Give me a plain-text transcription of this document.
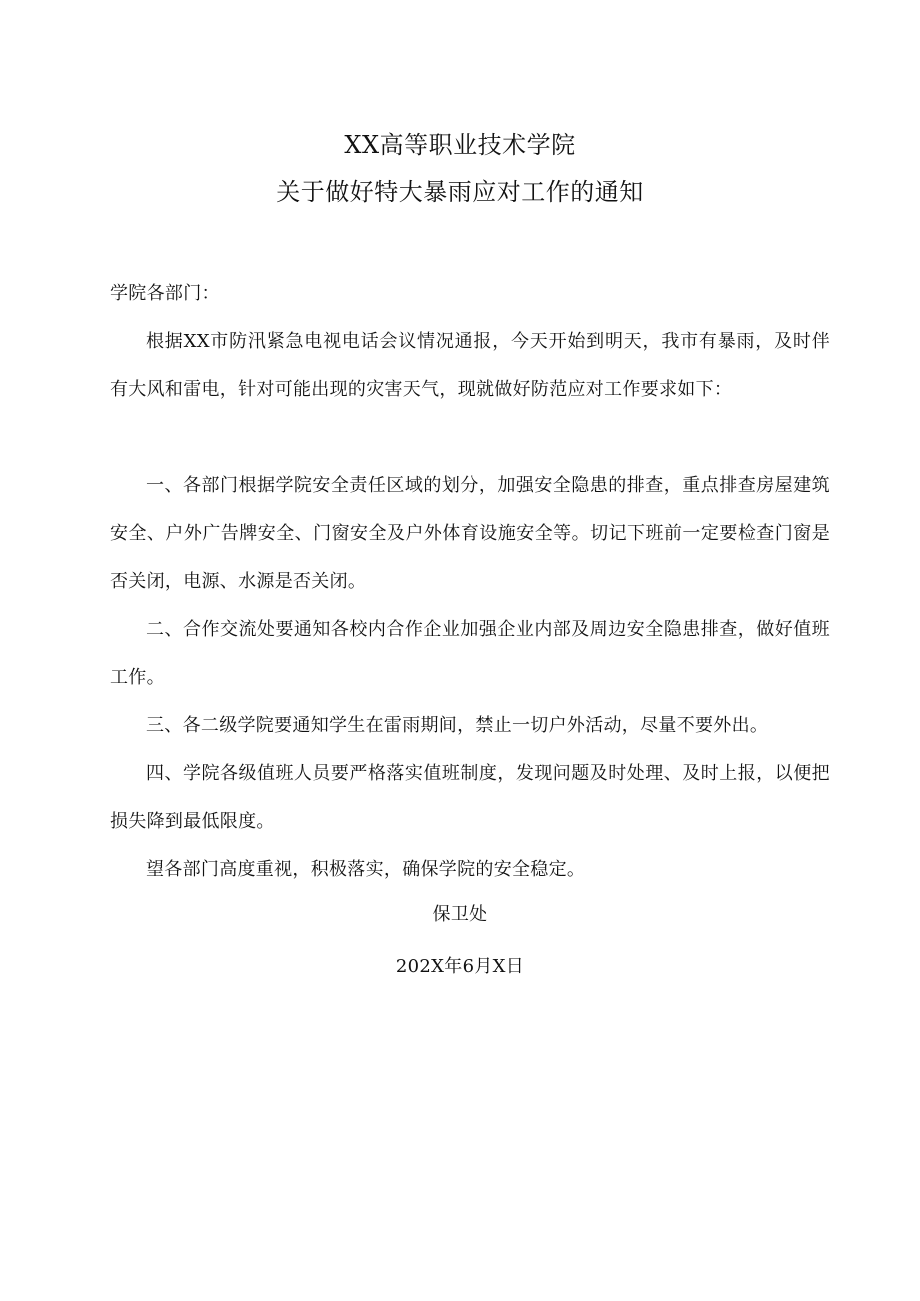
XX高等职业技术学院
关于做好特大暴雨应对工作的通知
学院各部门：

根据XX市防汛紧急电视电话会议情况通报，今天开始到明天，我市有暴雨，及时伴有大风和雷电，针对可能出现的灾害天气，现就做好防范应对工作要求如下：

一、各部门根据学院安全责任区域的划分，加强安全隐患的排查，重点排查房屋建筑安全、户外广告牌安全、门窗安全及户外体育设施安全等。切记下班前一定要检查门窗是否关闭，电源、水源是否关闭。

二、合作交流处要通知各校内合作企业加强企业内部及周边安全隐患排查，做好值班工作。

三、各二级学院要通知学生在雷雨期间，禁止一切户外活动，尽量不要外出。

四、学院各级值班人员要严格落实值班制度，发现问题及时处理、及时上报，以便把损失降到最低限度。

望各部门高度重视，积极落实，确保学院的安全稳定。

保卫处
202X年6月X日
